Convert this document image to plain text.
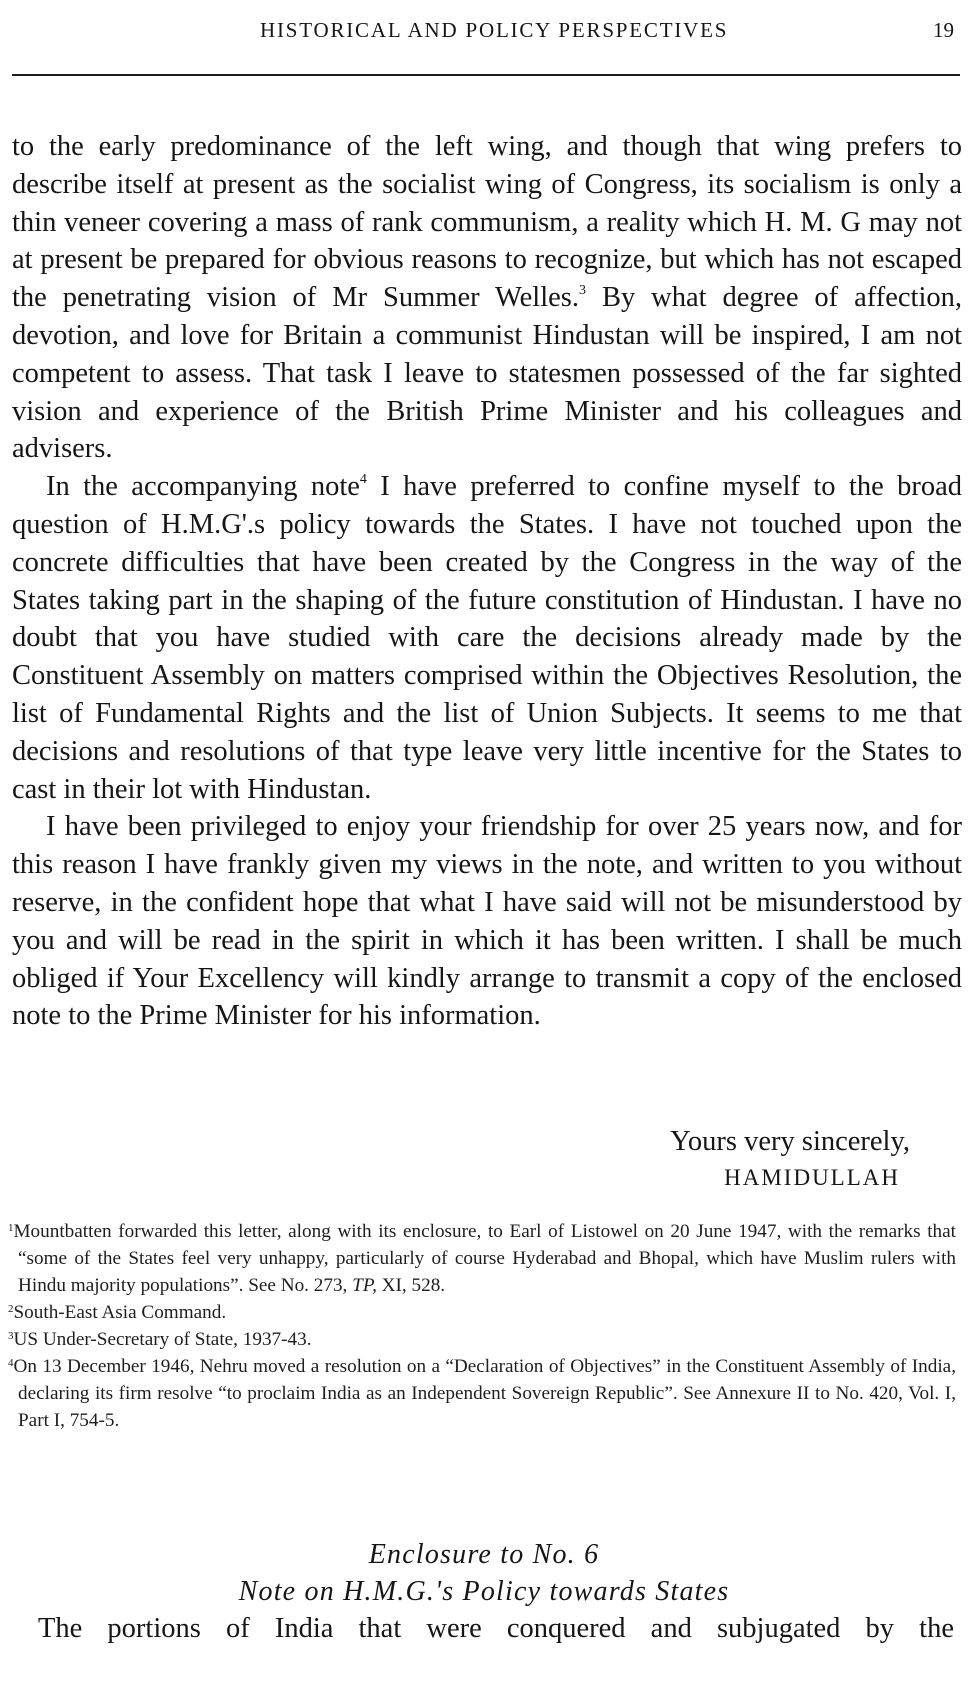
HISTORICAL AND POLICY PERSPECTIVES	19

to the early predominance of the left wing, and though that wing prefers to describe itself at present as the socialist wing of Congress, its socialism is only a thin veneer covering a mass of rank communism, a reality which H. M. G may not at present be prepared for obvious reasons to recognize, but which has not escaped the penetrating vision of Mr Summer Welles.$^3$ By what degree of affection, devotion, and love for Britain a communist Hindustan will be inspired, I am not competent to assess. That task I leave to statesmen possessed of the far sighted vision and experience of the British Prime Minister and his colleagues and advisers.

In the accompanying note$^4$ I have preferred to confine myself to the broad question of H.M.G'.s policy towards the States. I have not touched upon the concrete difficulties that have been created by the Congress in the way of the States taking part in the shaping of the future constitution of Hindustan. I have no doubt that you have studied with care the decisions already made by the Constituent Assembly on matters comprised within the Objectives Resolution, the list of Fundamental Rights and the list of Union Subjects. It seems to me that decisions and resolutions of that type leave very little incentive for the States to cast in their lot with Hindustan.

I have been privileged to enjoy your friendship for over 25 years now, and for this reason I have frankly given my views in the note, and written to you without reserve, in the confident hope that what I have said will not be misunderstood by you and will be read in the spirit in which it has been written. I shall be much obliged if Your Excellency will kindly arrange to transmit a copy of the enclosed note to the Prime Minister for his information.

Yours very sincerely,
HAMIDULLAH

$^1$Mountbatten forwarded this letter, along with its enclosure, to Earl of Listowel on 20 June 1947, with the remarks that “some of the States feel very unhappy, particularly of course Hyderabad and Bhopal, which have Muslim rulers with Hindu majority populations”. See No. 273, TP, XI, 528.

$^2$South-East Asia Command.

$^3$US Under-Secretary of State, 1937-43.

$^4$On 13 December 1946, Nehru moved a resolution on a “Declaration of Objectives” in the Constituent Assembly of India, declaring its firm resolve “to proclaim India as an Independent Sovereign Republic”. See Annexure II to No. 420, Vol. I, Part I, 754-5.

Enclosure to No. 6
Note on H.M.G.'s Policy towards States
The portions of India that were conquered and subjugated by the
